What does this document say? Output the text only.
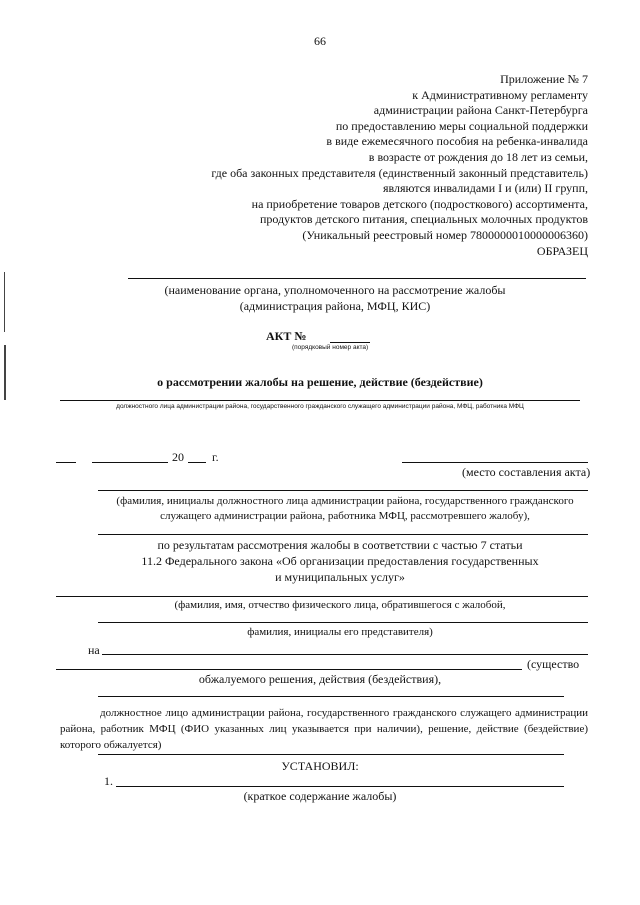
66
Приложение № 7
к Административному регламенту
администрации района Санкт-Петербурга
по предоставлению меры социальной поддержки
в виде ежемесячного пособия на ребенка-инвалида
в возрасте от рождения до 18 лет из семьи,
где оба законных представителя (единственный законный представитель)
являются инвалидами I и (или) II групп,
на приобретение товаров детского (подросткового) ассортимента,
продуктов детского питания, специальных молочных продуктов
(Уникальный реестровый номер 7800000010000006360)
ОБРАЗЕЦ
(наименование органа, уполномоченного на рассмотрение жалобы
(администрация района, МФЦ, КИС)
АКТ №
(порядковый номер акта)
о рассмотрении жалобы на решение, действие (бездействие)
должностного лица администрации района, государственного гражданского служащего администрации района, МФЦ, работника МФЦ
20 г.
(место составления акта)
(фамилия, инициалы должностного лица администрации района, государственного гражданского
служащего администрации района, работника МФЦ, рассмотревшего жалобу),
по результатам рассмотрения жалобы в соответствии с частью 7 статьи
11.2 Федерального закона «Об организации предоставления государственных
и муниципальных услуг»
(фамилия, имя, отчество физического лица, обратившегося с жалобой,
фамилия, инициалы его представителя)
на
(существо
обжалуемого решения, действия (бездействия),
должностное лицо администрации района, государственного гражданского служащего администрации района, работник МФЦ (ФИО указанных лиц указывается при наличии), решение, действие (бездействие) которого обжалуется)
УСТАНОВИЛ:
1.
(краткое содержание жалобы)
